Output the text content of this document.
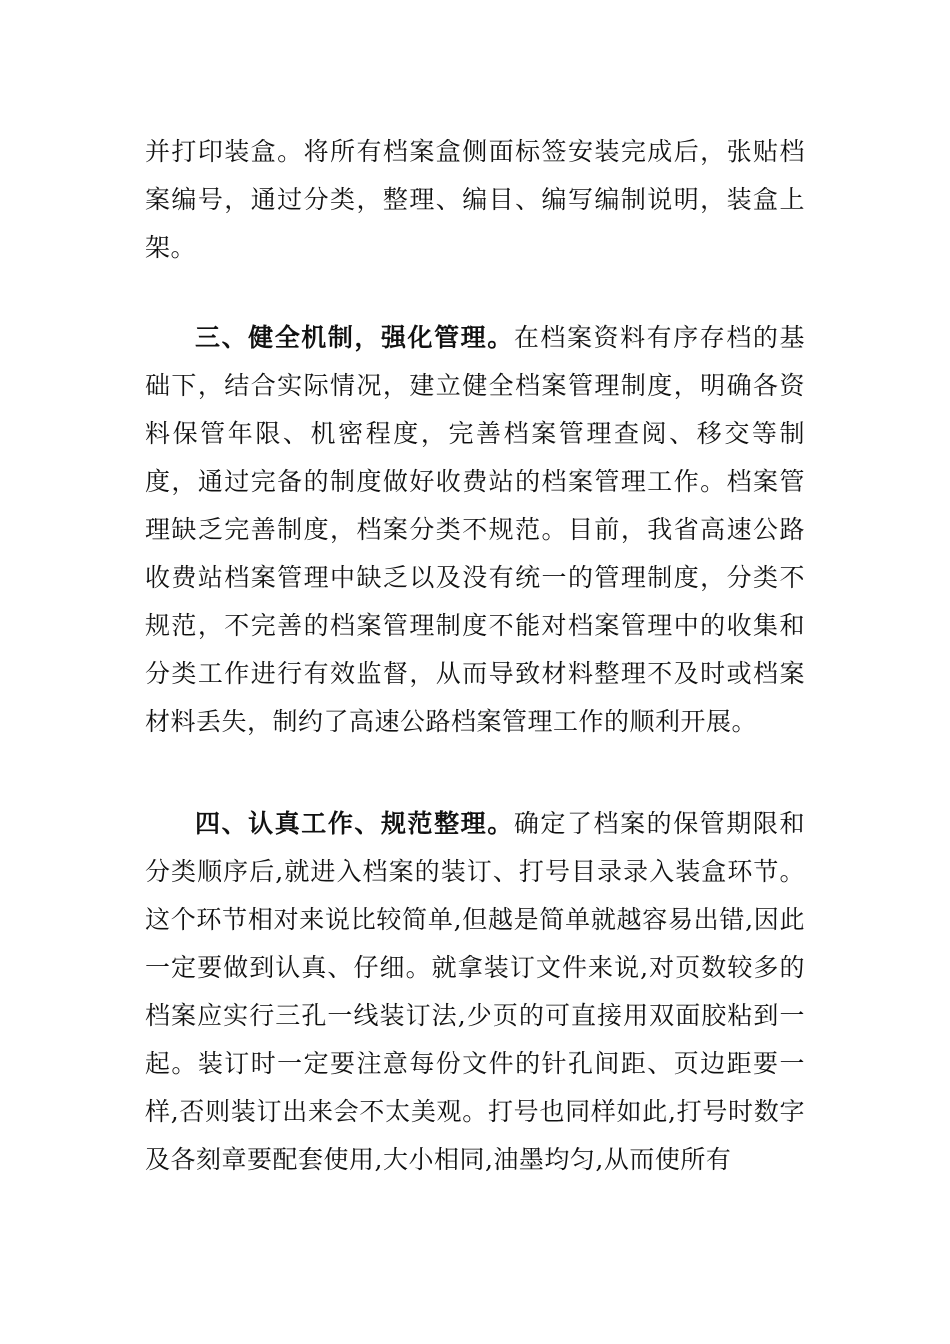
并打印装盒。将所有档案盒侧面标签安装完成后，张贴档案编号，通过分类，整理、编目、编写编制说明，装盒上架。

三、健全机制，强化管理。在档案资料有序存档的基础下，结合实际情况，建立健全档案管理制度，明确各资料保管年限、机密程度，完善档案管理查阅、移交等制度，通过完备的制度做好收费站的档案管理工作。档案管理缺乏完善制度，档案分类不规范。目前，我省高速公路收费站档案管理中缺乏以及没有统一的管理制度，分类不规范，不完善的档案管理制度不能对档案管理中的收集和分类工作进行有效监督，从而导致材料整理不及时或档案材料丢失，制约了高速公路档案管理工作的顺利开展。

四、认真工作、规范整理。确定了档案的保管期限和分类顺序后,就进入档案的装订、打号目录录入装盒环节。这个环节相对来说比较简单,但越是简单就越容易出错,因此一定要做到认真、仔细。就拿装订文件来说,对页数较多的档案应实行三孔一线装订法,少页的可直接用双面胶粘到一起。装订时一定要注意每份文件的针孔间距、页边距要一样,否则装订出来会不太美观。打号也同样如此,打号时数字及各刻章要配套使用,大小相同,油墨均匀,从而使所有
